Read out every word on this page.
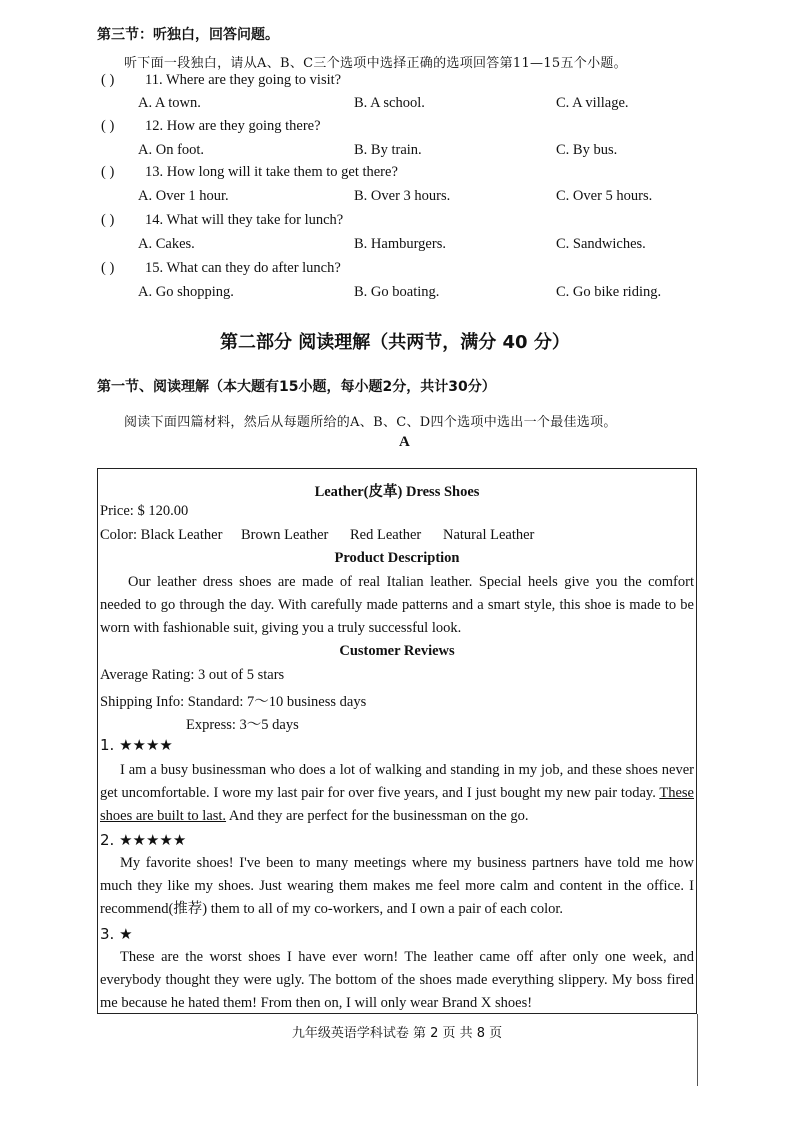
第三节：听独白，回答问题。
听下面一段独白，请从A、B、C三个选项中选择正确的选项回答第11—15五个小题。
( ) 11. Where are they going to visit?
A. A town.	B. A school.	C. A village.
( ) 12. How are they going there?
A. On foot.	B. By train.	C. By bus.
( ) 13. How long will it take them to get there?
A. Over 1 hour.	B. Over 3 hours.	C. Over 5 hours.
( ) 14. What will they take for lunch?
A. Cakes.	B. Hamburgers.	C. Sandwiches.
( ) 15. What can they do after lunch?
A. Go shopping.	B. Go boating.	C. Go bike riding.
第二部分 阅读理解（共两节，满分 40 分）
第一节、阅读理解（本大题有15小题，每小题2分，共计30分）
阅读下面四篇材料，然后从每题所给的A、B、C、D四个选项中选出一个最佳选项。
A
Leather(皮革) Dress Shoes
Price: $ 120.00
Color: Black Leather Brown Leather Red Leather Natural Leather
Product Description
Our leather dress shoes are made of real Italian leather. Special heels give you the comfort needed to go through the day. With carefully made patterns and a smart style, this shoe is made to be worn with fashionable suit, giving you a truly successful look.
Customer Reviews
Average Rating: 3 out of 5 stars
Shipping Info: Standard: 7～10 business days
Express: 3～5 days
1. ★★★★
I am a busy businessman who does a lot of walking and standing in my job, and these shoes never get uncomfortable. I wore my last pair for over five years, and I just bought my new pair today. These shoes are built to last. And they are perfect for the businessman on the go.
2. ★★★★★
My favorite shoes! I've been to many meetings where my business partners have told me how much they like my shoes. Just wearing them makes me feel more calm and content in the office. I recommend(推荐) them to all of my co-workers, and I own a pair of each color.
3. ★
These are the worst shoes I have ever worn! The leather came off after only one week, and everybody thought they were ugly. The bottom of the shoes made everything slippery. My boss fired me because he hated them! From then on, I will only wear Brand X shoes!
九年级英语学科试卷 第 2 页 共 8 页
